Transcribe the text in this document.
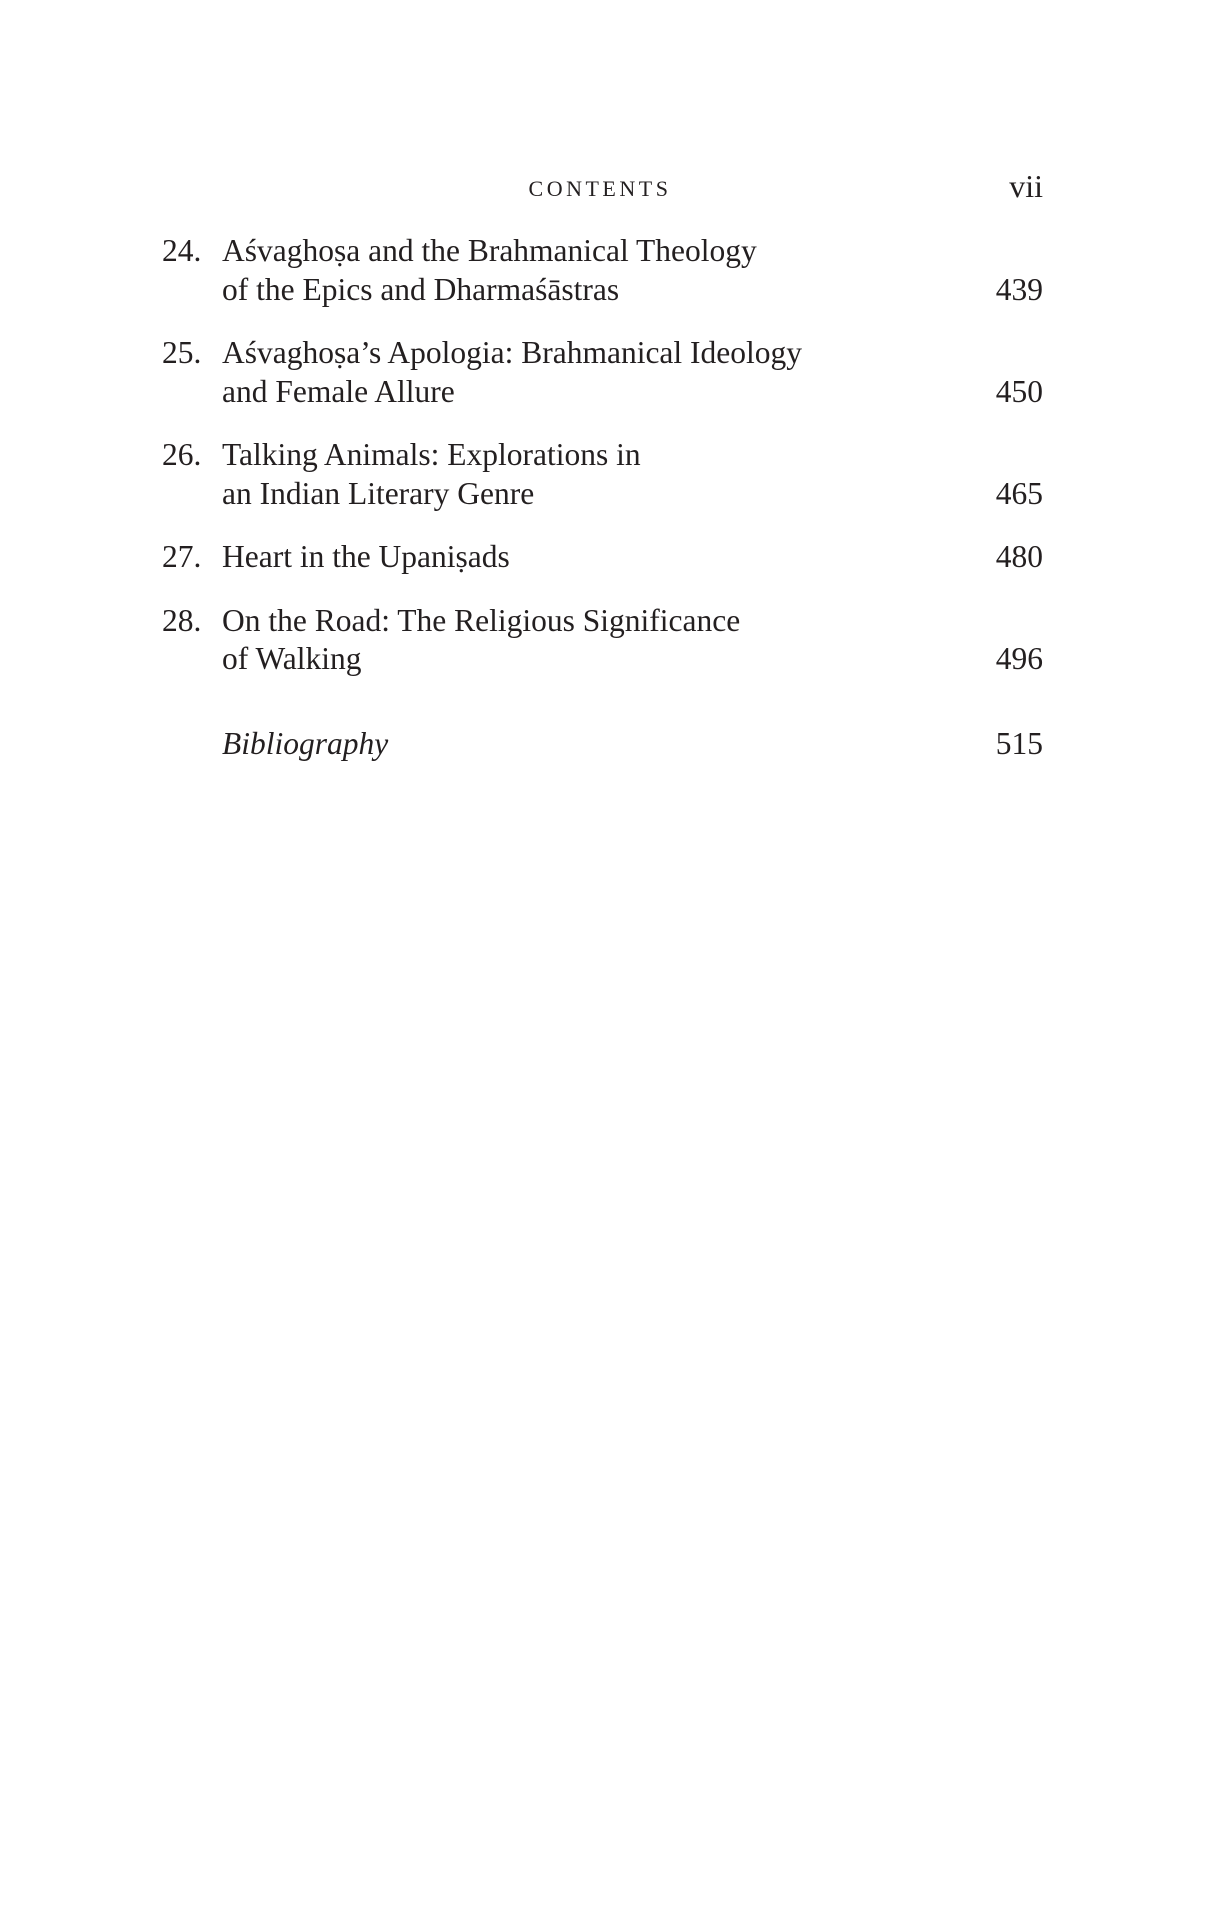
CONTENTS	vii
24. Aśvaghoṣa and the Brahmanical Theology
of the Epics and Dharmaśāstras	439
25. Aśvaghoṣa’s Apologia: Brahmanical Ideology
and Female Allure	450
26. Talking Animals: Explorations in
an Indian Literary Genre	465
27. Heart in the Upaniṣads	480
28. On the Road: The Religious Significance
of Walking	496
Bibliography	515
